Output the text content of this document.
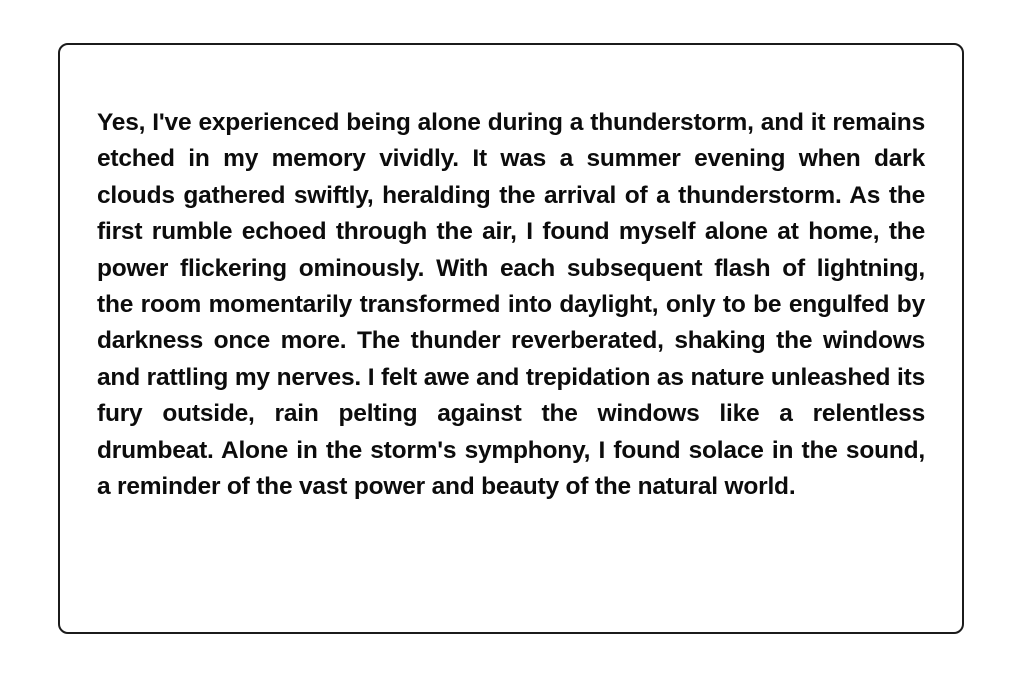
Yes, I've experienced being alone during a thunderstorm, and it remains etched in my memory vividly. It was a summer evening when dark clouds gathered swiftly, heralding the arrival of a thunderstorm. As the first rumble echoed through the air, I found myself alone at home, the power flickering ominously. With each subsequent flash of lightning, the room momentarily transformed into daylight, only to be engulfed by darkness once more. The thunder reverberated, shaking the windows and rattling my nerves. I felt awe and trepidation as nature unleashed its fury outside, rain pelting against the windows like a relentless drumbeat. Alone in the storm's symphony, I found solace in the sound, a reminder of the vast power and beauty of the natural world.
